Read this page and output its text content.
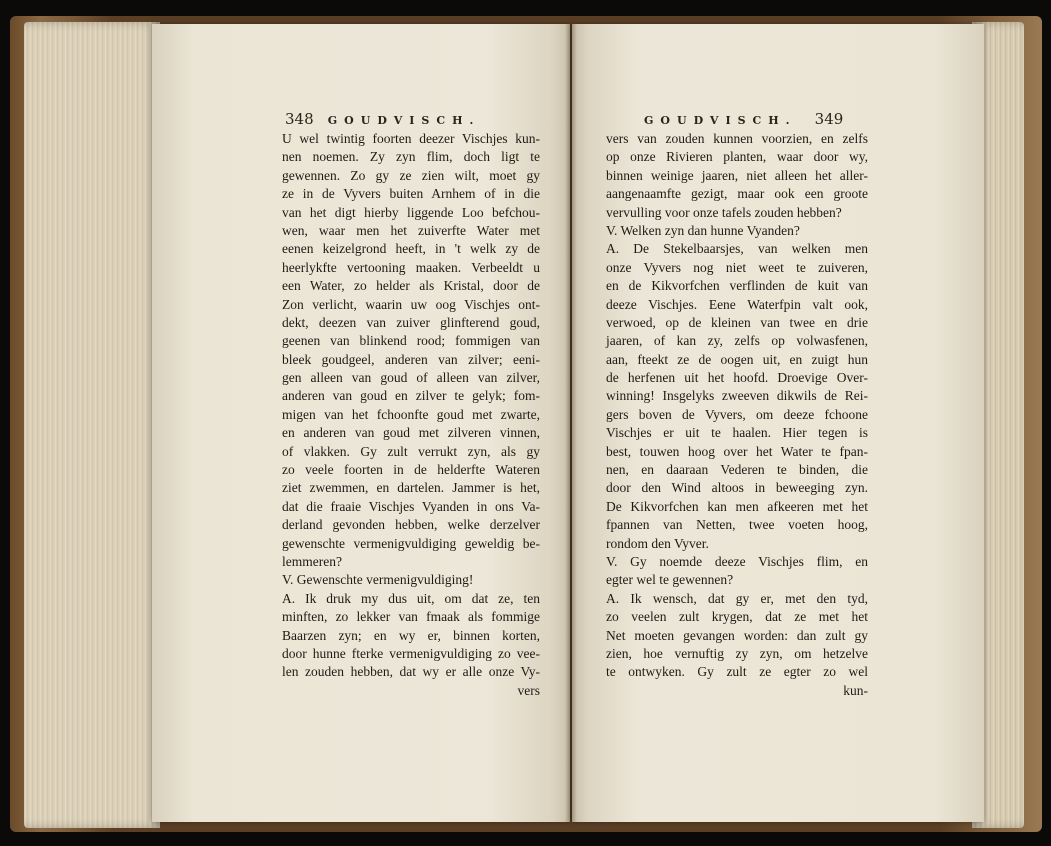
348 GOUDVISCH.
U wel twintig foorten deezer Vischjes kun-
nen noemen. Zy zyn flim, doch ligt te
gewennen. Zo gy ze zien wilt, moet gy
ze in de Vyvers buiten Arnhem of in die
van het digt hierby liggende Loo befchou-
wen, waar men het zuiverfte Water met
eenen keizelgrond heeft, in 't welk zy de
heerlykfte vertooning maaken. Verbeeldt u
een Water, zo helder als Kristal, door de
Zon verlicht, waarin uw oog Vischjes ont-
dekt, deezen van zuiver glinfterend goud,
geenen van blinkend rood; fommigen van
bleek goudgeel, anderen van zilver; eeni-
gen alleen van goud of alleen van zilver,
anderen van goud en zilver te gelyk; fom-
migen van het fchoonfte goud met zwarte,
en anderen van goud met zilveren vinnen,
of vlakken. Gy zult verrukt zyn, als gy
zo veele foorten in de helderfte Wateren
ziet zwemmen, en dartelen. Jammer is het,
dat die fraaie Vischjes Vyanden in ons Va-
derland gevonden hebben, welke derzelver
gewenschte vermenigvuldiging geweldig be-
lemmeren?
V. Gewenschte vermenigvuldiging!
A. Ik druk my dus uit, om dat ze, ten
minften, zo lekker van fmaak als fommige
Baarzen zyn; en wy er, binnen korten,
door hunne fterke vermenigvuldiging zo vee-
len zouden hebben, dat wy er alle onze Vy-
vers
GOUDVISCH. 349
vers van zouden kunnen voorzien, en zelfs
op onze Rivieren planten, waar door wy,
binnen weinige jaaren, niet alleen het aller-
aangenaamfte gezigt, maar ook een groote
vervulling voor onze tafels zouden hebben?
V. Welken zyn dan hunne Vyanden?
A. De Stekelbaarsjes, van welken men
onze Vyvers nog niet weet te zuiveren,
en de Kikvorfchen verflinden de kuit van
deeze Vischjes. Eene Waterfpin valt ook,
verwoed, op de kleinen van twee en drie
jaaren, of kan zy, zelfs op volwasfenen,
aan, fteekt ze de oogen uit, en zuigt hun
de herfenen uit het hoofd. Droevige Over-
winning! Insgelyks zweeven dikwils de Rei-
gers boven de Vyvers, om deeze fchoone
Vischjes er uit te haalen. Hier tegen is
best, touwen hoog over het Water te fpan-
nen, en daaraan Vederen te binden, die
door den Wind altoos in beweeging zyn.
De Kikvorfchen kan men afkeeren met het
fpannen van Netten, twee voeten hoog,
rondom den Vyver.
V. Gy noemde deeze Vischjes flim, en
egter wel te gewennen?
A. Ik wensch, dat gy er, met den tyd,
zo veelen zult krygen, dat ze met het
Net moeten gevangen worden: dan zult gy
zien, hoe vernuftig zy zyn, om hetzelve
te ontwyken. Gy zult ze egter zo wel
kun-
